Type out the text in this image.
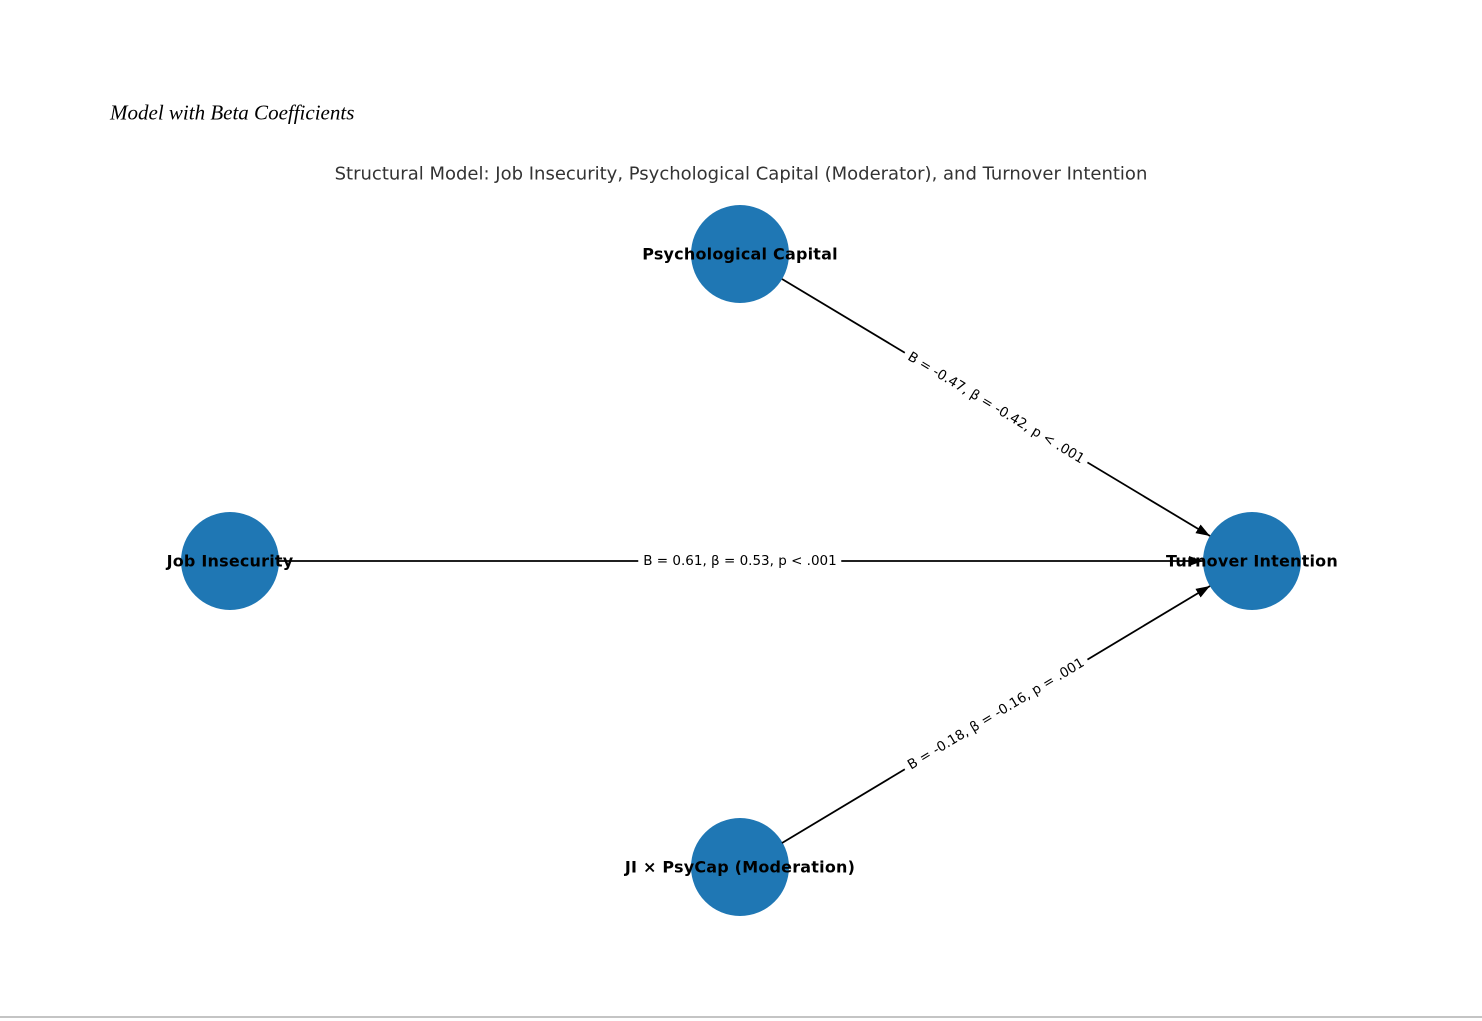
Model with Beta Coefficients
Structural Model: Job Insecurity, Psychological Capital (Moderator), and Turnover Intention
B = -0.47, β = -0.42, p < .001
B = 0.61, β = 0.53, p < .001
B = -0.18, β = -0.16, p = .001
Psychological Capital
Job Insecurity	Turnover Intention
JI × PsyCap (Moderation)
